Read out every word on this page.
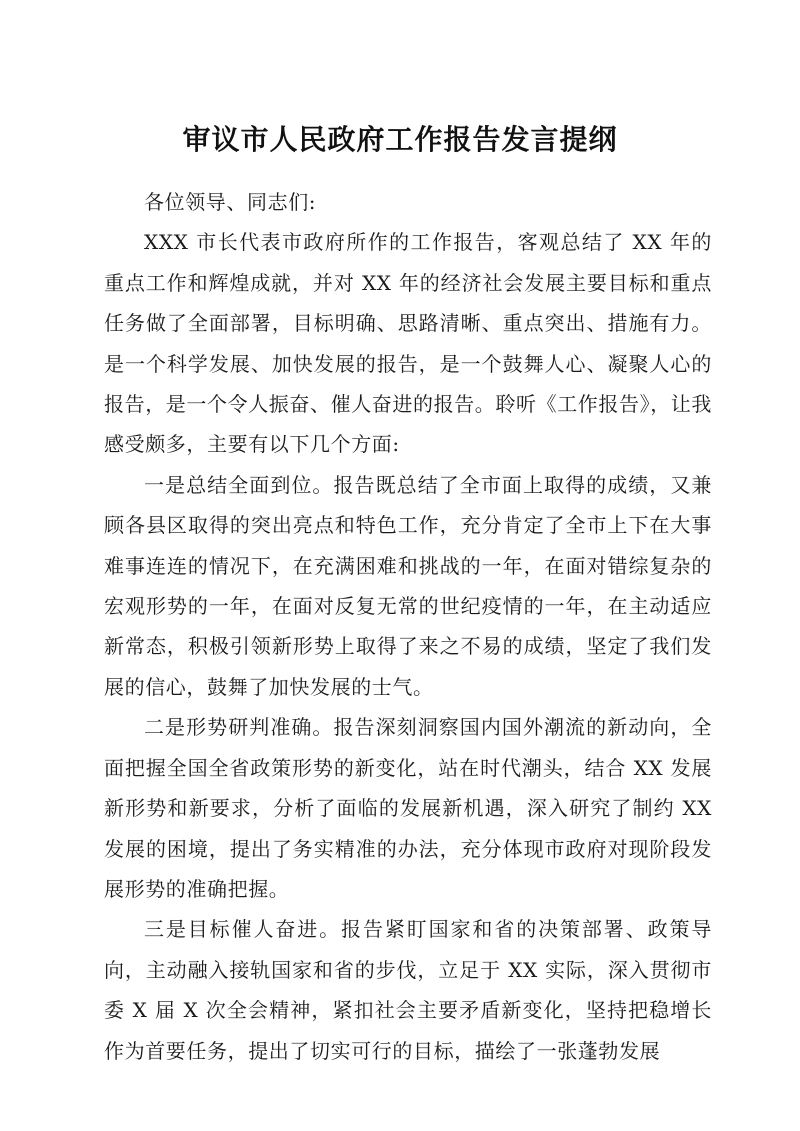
审议市人民政府工作报告发言提纲

各位领导、同志们:

XXX 市长代表市政府所作的工作报告，客观总结了 XX 年的重点工作和辉煌成就，并对 XX 年的经济社会发展主要目标和重点任务做了全面部署，目标明确、思路清晰、重点突出、措施有力。是一个科学发展、加快发展的报告，是一个鼓舞人心、凝聚人心的报告，是一个令人振奋、催人奋进的报告。聆听《工作报告》，让我感受颇多，主要有以下几个方面:

一是总结全面到位。报告既总结了全市面上取得的成绩，又兼顾各县区取得的突出亮点和特色工作，充分肯定了全市上下在大事难事连连的情况下，在充满困难和挑战的一年，在面对错综复杂的宏观形势的一年，在面对反复无常的世纪疫情的一年，在主动适应新常态，积极引领新形势上取得了来之不易的成绩，坚定了我们发展的信心，鼓舞了加快发展的士气。

二是形势研判准确。报告深刻洞察国内国外潮流的新动向，全面把握全国全省政策形势的新变化，站在时代潮头，结合 XX 发展新形势和新要求，分析了面临的发展新机遇，深入研究了制约 XX 发展的困境，提出了务实精准的办法，充分体现市政府对现阶段发展形势的准确把握。

三是目标催人奋进。报告紧盯国家和省的决策部署、政策导向，主动融入接轨国家和省的步伐，立足于 XX 实际，深入贯彻市委 X 届 X 次全会精神，紧扣社会主要矛盾新变化，坚持把稳增长作为首要任务，提出了切实可行的目标，描绘了一张蓬勃发展
